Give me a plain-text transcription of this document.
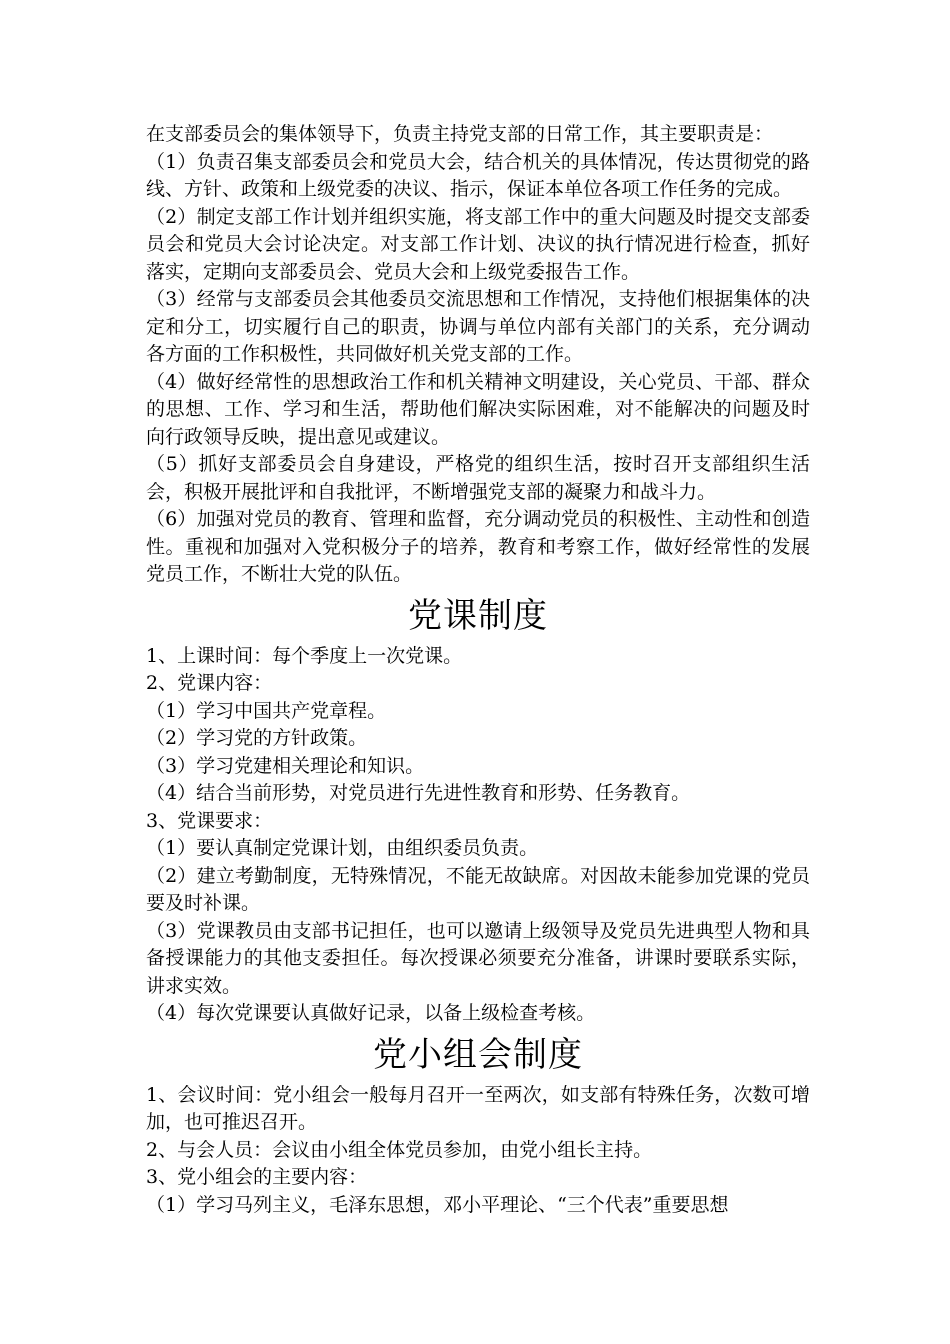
在支部委员会的集体领导下，负责主持党支部的日常工作，其主要职责是：

（1）负责召集支部委员会和党员大会，结合机关的具体情况，传达贯彻党的路线、方针、政策和上级党委的决议、指示，保证本单位各项工作任务的完成。

（2）制定支部工作计划并组织实施，将支部工作中的重大问题及时提交支部委员会和党员大会讨论决定。对支部工作计划、决议的执行情况进行检查，抓好落实，定期向支部委员会、党员大会和上级党委报告工作。

（3）经常与支部委员会其他委员交流思想和工作情况，支持他们根据集体的决定和分工，切实履行自己的职责，协调与单位内部有关部门的关系，充分调动各方面的工作积极性，共同做好机关党支部的工作。

（4）做好经常性的思想政治工作和机关精神文明建设，关心党员、干部、群众的思想、工作、学习和生活，帮助他们解决实际困难，对不能解决的问题及时向行政领导反映，提出意见或建议。

（5）抓好支部委员会自身建设，严格党的组织生活，按时召开支部组织生活会，积极开展批评和自我批评，不断增强党支部的凝聚力和战斗力。

（6）加强对党员的教育、管理和监督，充分调动党员的积极性、主动性和创造性。重视和加强对入党积极分子的培养，教育和考察工作，做好经常性的发展党员工作，不断壮大党的队伍。

党课制度

1、上课时间：每个季度上一次党课。

2、党课内容：

（1）学习中国共产党章程。

（2）学习党的方针政策。

（3）学习党建相关理论和知识。

（4）结合当前形势，对党员进行先进性教育和形势、任务教育。

3、党课要求：

（1）要认真制定党课计划，由组织委员负责。

（2）建立考勤制度，无特殊情况，不能无故缺席。对因故未能参加党课的党员要及时补课。

（3）党课教员由支部书记担任，也可以邀请上级领导及党员先进典型人物和具备授课能力的其他支委担任。每次授课必须要充分准备，讲课时要联系实际，讲求实效。

（4）每次党课要认真做好记录，以备上级检查考核。

党小组会制度

1、会议时间：党小组会一般每月召开一至两次，如支部有特殊任务，次数可增加，也可推迟召开。

2、与会人员：会议由小组全体党员参加，由党小组长主持。

3、党小组会的主要内容：

（1）学习马列主义，毛泽东思想，邓小平理论、“三个代表”重要思想
